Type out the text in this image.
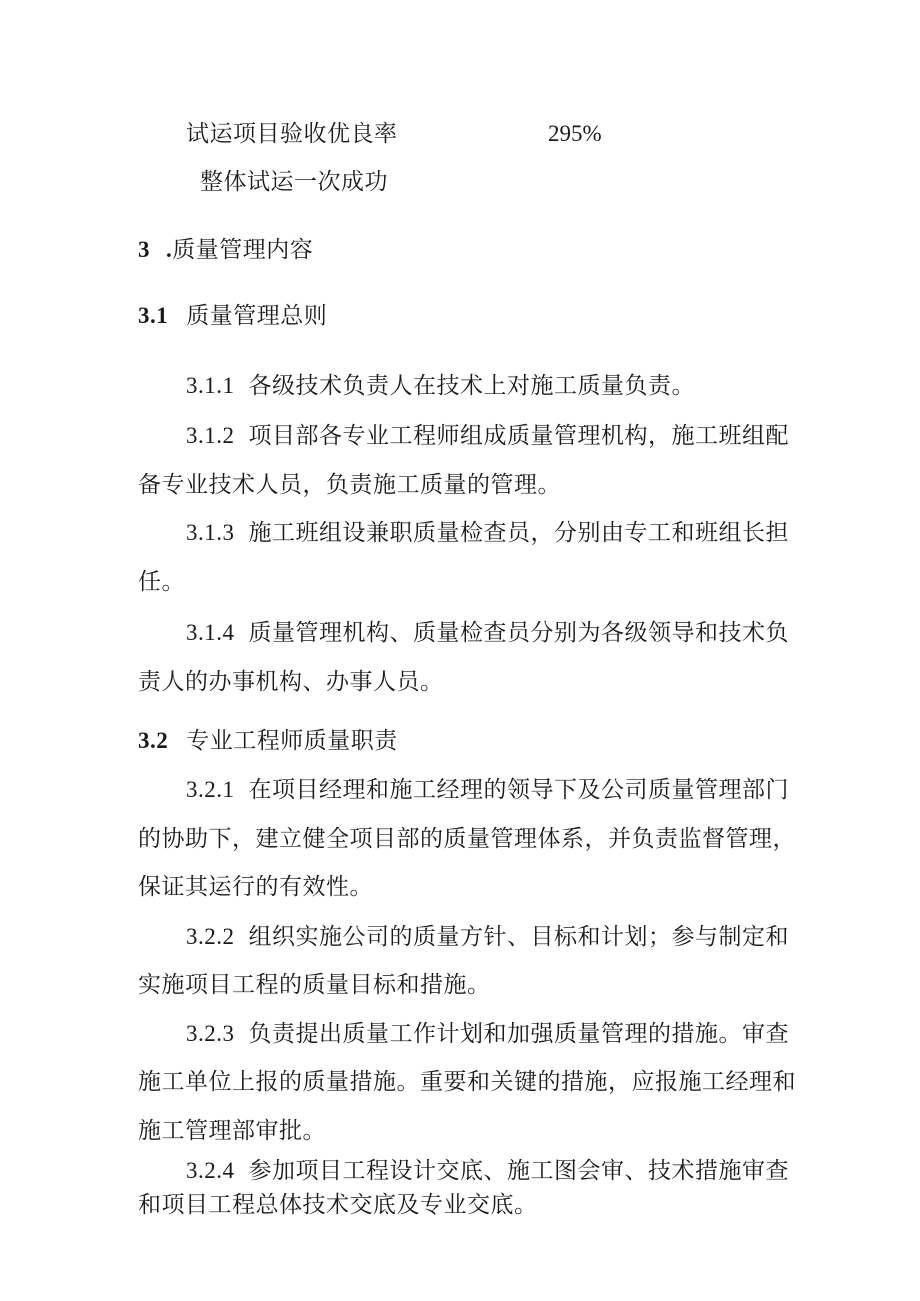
试运项目验收优良率	295%
整体试运一次成功
3 .质量管理内容
3.1 质量管理总则
3.1.1 各级技术负责人在技术上对施工质量负责。
3.1.2 项目部各专业工程师组成质量管理机构，施工班组配
备专业技术人员，负责施工质量的管理。
3.1.3 施工班组设兼职质量检查员，分别由专工和班组长担
任。
3.1.4 质量管理机构、质量检查员分别为各级领导和技术负
责人的办事机构、办事人员。
3.2 专业工程师质量职责
3.2.1 在项目经理和施工经理的领导下及公司质量管理部门
的协助下，建立健全项目部的质量管理体系，并负责监督管理，
保证其运行的有效性。
3.2.2 组织实施公司的质量方针、目标和计划；参与制定和
实施项目工程的质量目标和措施。
3.2.3 负责提出质量工作计划和加强质量管理的措施。审查
施工单位上报的质量措施。重要和关键的措施，应报施工经理和
施工管理部审批。
3.2.4 参加项目工程设计交底、施工图会审、技术措施审查
和项目工程总体技术交底及专业交底。
